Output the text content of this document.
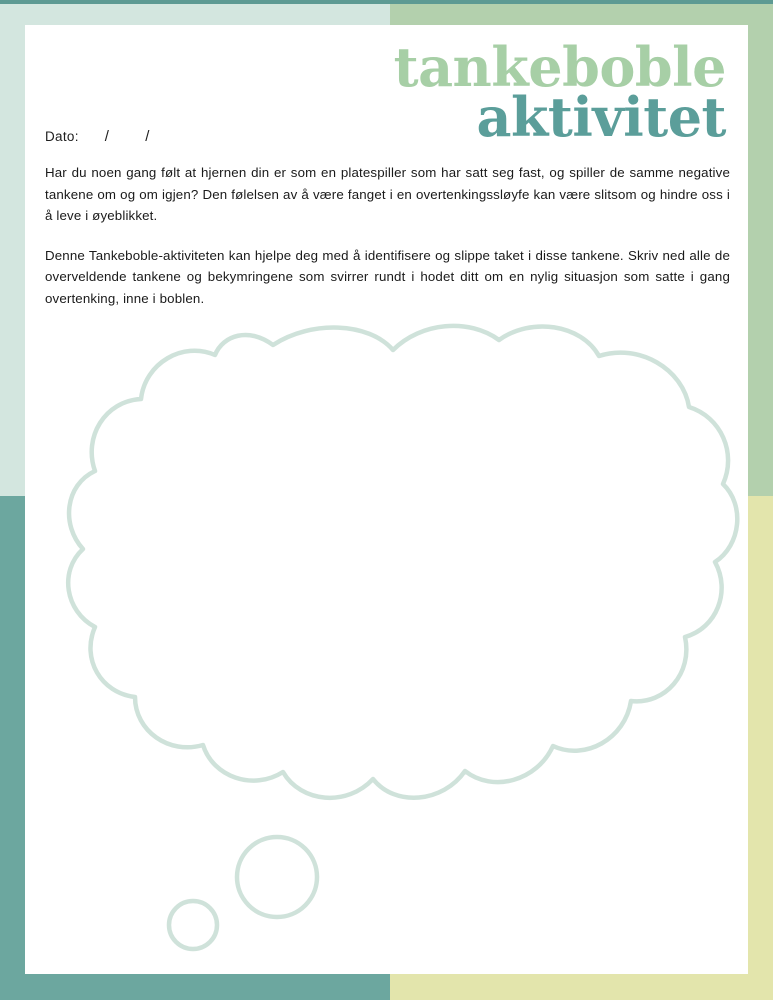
tankeboble
aktivitet
Dato: / /

Har du noen gang følt at hjernen din er som en platespiller som har satt seg fast, og spiller de samme negative tankene om og om igjen? Den følelsen av å være fanget i en overtenkingssløyfe kan være slitsom og hindre oss i å leve i øyeblikket.

Denne Tankeboble-aktiviteten kan hjelpe deg med å identifisere og slippe taket i disse tankene. Skriv ned alle de overveldende tankene og bekymringene som svirrer rundt i hodet ditt om en nylig situasjon som satte i gang overtenking, inne i boblen.
